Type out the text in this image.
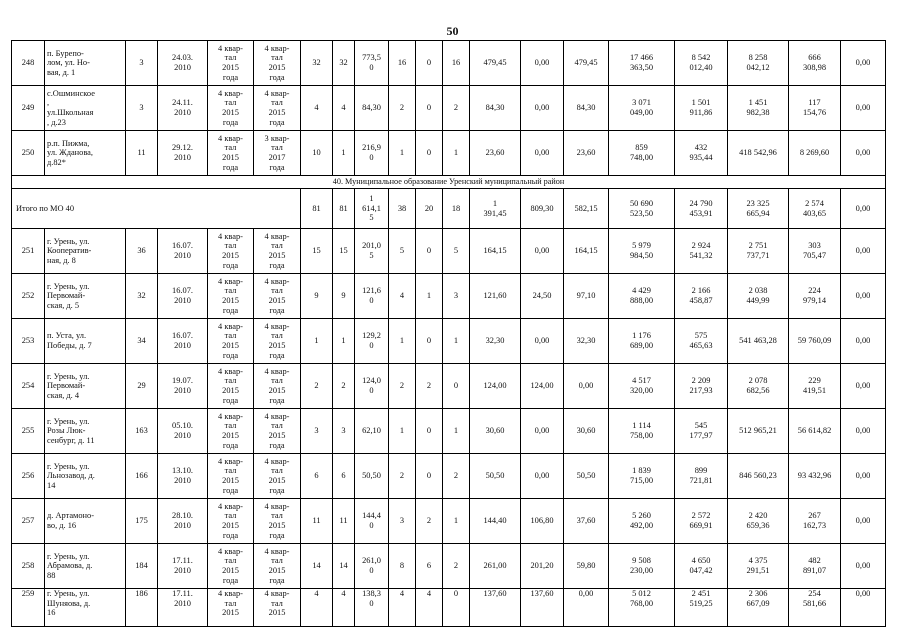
50
248	п. Бурепо-
лом, ул. Но-
вая, д. 1	3	24.03.
2010	4 квар-
тал
2015
года	4 квар-
тал
2015
года	32	32	773,5
0	16	0	16	479,45	0,00	479,45	17 466
363,50	8 542
012,40	8 258
042,12	666
308,98	0,00
249	с.Ошминское
,
ул.Школьная
, д.23	3	24.11.
2010	4 квар-
тал
2015
года	4 квар-
тал
2015
года	4	4	84,30	2	0	2	84,30	0,00	84,30	3 071
049,00	1 501
911,86	1 451
982,38	117
154,76	0,00
250	р.п. Пижма,
ул. Жданова,
д.82*	11	29.12.
2010	4 квар-
тал
2015
года	3 квар-
тал
2017
года	10	1	216,9
0	1	0	1	23,60	0,00	23,60	859
748,00	432
935,44	418 542,96	8 269,60	0,00
40. Муниципальное образование Уренский муниципальный район																			
Итого по МО 40						81	81	1
614,1
5	38	20	18	1
391,45	809,30	582,15	50 690
523,50	24 790
453,91	23 325
665,94	2 574
403,65	0,00
251	г. Урень, ул.
Кооператив-
ная, д. 8	36	16.07.
2010	4 квар-
тал
2015
года	4 квар-
тал
2015
года	15	15	201,0
5	5	0	5	164,15	0,00	164,15	5 979
984,50	2 924
541,32	2 751
737,71	303
705,47	0,00
252	г. Урень, ул.
Первомай-
ская, д. 5	32	16.07.
2010	4 квар-
тал
2015
года	4 квар-
тал
2015
года	9	9	121,6
0	4	1	3	121,60	24,50	97,10	4 429
888,00	2 166
458,87	2 038
449,99	224
979,14	0,00
253	п. Уста, ул.
Победы, д. 7	34	16.07.
2010	4 квар-
тал
2015
года	4 квар-
тал
2015
года	1	1	129,2
0	1	0	1	32,30	0,00	32,30	1 176
689,00	575
465,63	541 463,28	59 760,09	0,00
254	г. Урень, ул.
Первомай-
ская, д. 4	29	19.07.
2010	4 квар-
тал
2015
года	4 квар-
тал
2015
года	2	2	124,0
0	2	2	0	124,00	124,00	0,00	4 517
320,00	2 209
217,93	2 078
682,56	229
419,51	0,00
255	г. Урень, ул.
Розы Люк-
сенбург, д. 11	163	05.10.
2010	4 квар-
тал
2015
года	4 квар-
тал
2015
года	3	3	62,10	1	0	1	30,60	0,00	30,60	1 114
758,00	545
177,97	512 965,21	56 614,82	0,00
256	г. Урень, ул.
Льнозавод, д.
14	166	13.10.
2010	4 квар-
тал
2015
года	4 квар-
тал
2015
года	6	6	50,50	2	0	2	50,50	0,00	50,50	1 839
715,00	899
721,81	846 560,23	93 432,96	0,00
257	д. Артамоно-
во, д. 16	175	28.10.
2010	4 квар-
тал
2015
года	4 квар-
тал
2015
года	11	11	144,4
0	3	2	1	144,40	106,80	37,60	5 260
492,00	2 572
669,91	2 420
659,36	267
162,73	0,00
258	г. Урень, ул.
Абрамова, д.
88	184	17.11.
2010	4 квар-
тал
2015
года	4 квар-
тал
2015
года	14	14	261,0
0	8	6	2	261,00	201,20	59,80	9 508
230,00	4 650
047,42	4 375
291,51	482
891,07	0,00
259	г. Урень, ул.
Шуняова, д.
16	186	17.11.
2010	4 квар-
тал
2015	4 квар-
тал
2015	4	4	138,3
0	4	4	0	137,60	137,60	0,00	5 012
768,00	2 451
519,25	2 306
667,09	254
581,66	0,00
